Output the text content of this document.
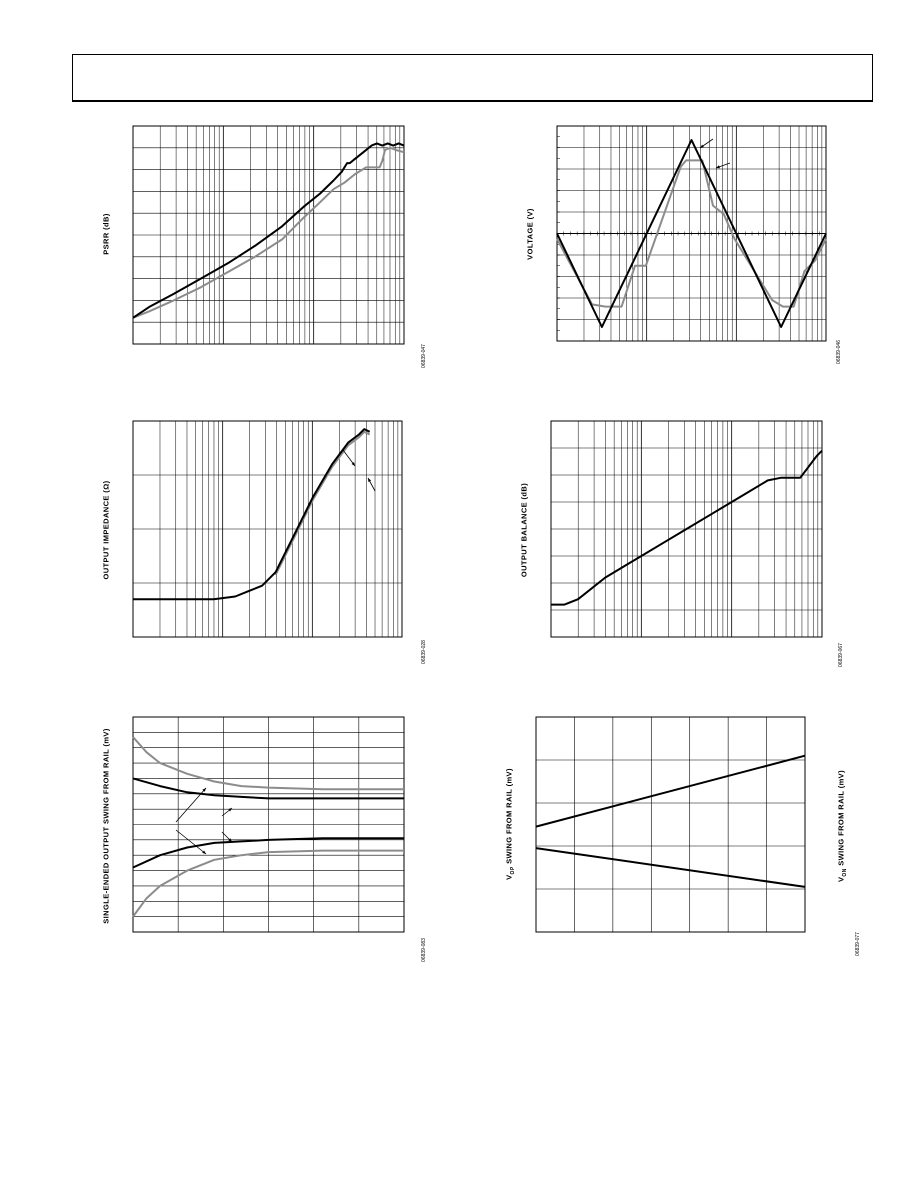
PSRR (dB)
06839-047
VOLTAGE (V)
06839-046
OUTPUT IMPEDANCE (Ω)
06839-028
OUTPUT BALANCE (dB)
06839-067
SINGLE-ENDED OUTPUT SWING FROM RAIL (mV)
06839-083
$V_{OP}$ SWING FROM RAIL (mV)
$V_{ON}$ SWING FROM RAIL (mV)
06839-077
